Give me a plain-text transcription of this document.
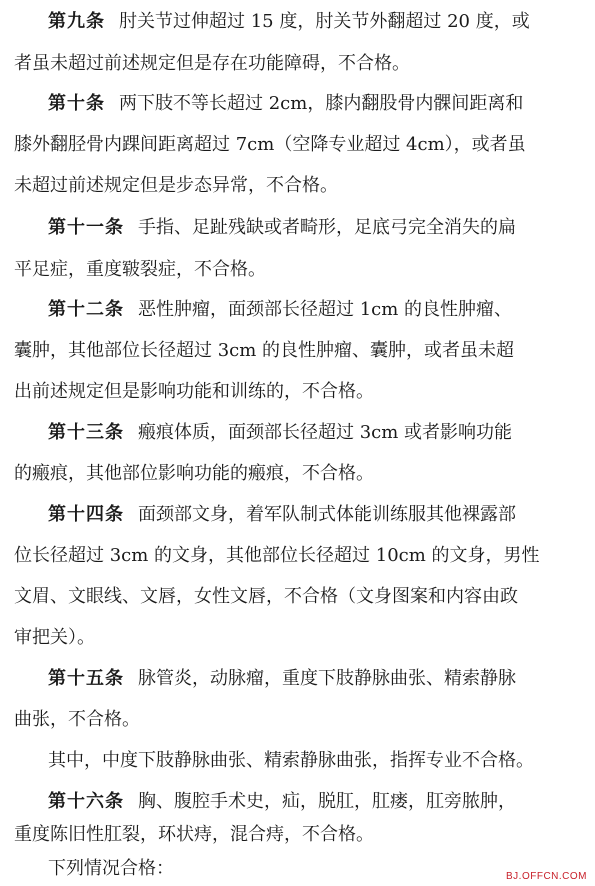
第九条 肘关节过伸超过 15 度，肘关节外翻超过 20 度，或
者虽未超过前述规定但是存在功能障碍，不合格。
第十条 两下肢不等长超过 2cm，膝内翻股骨内髁间距离和
膝外翻胫骨内踝间距离超过 7cm（空降专业超过 4cm），或者虽
未超过前述规定但是步态异常，不合格。
第十一条 手指、足趾残缺或者畸形，足底弓完全消失的扁
平足症，重度皲裂症，不合格。
第十二条 恶性肿瘤，面颈部长径超过 1cm 的良性肿瘤、
囊肿，其他部位长径超过 3cm 的良性肿瘤、囊肿，或者虽未超
出前述规定但是影响功能和训练的，不合格。
第十三条 瘢痕体质，面颈部长径超过 3cm 或者影响功能
的瘢痕，其他部位影响功能的瘢痕，不合格。
第十四条 面颈部文身，着军队制式体能训练服其他裸露部
位长径超过 3cm 的文身，其他部位长径超过 10cm 的文身，男性
文眉、文眼线、文唇，女性文唇，不合格（文身图案和内容由政
审把关）。
第十五条 脉管炎，动脉瘤，重度下肢静脉曲张、精索静脉
曲张，不合格。
其中，中度下肢静脉曲张、精索静脉曲张，指挥专业不合格。
第十六条 胸、腹腔手术史，疝，脱肛，肛瘘，肛旁脓肿，
重度陈旧性肛裂，环状痔，混合痔，不合格。
下列情况合格：	BJ.OFFCN.COM
